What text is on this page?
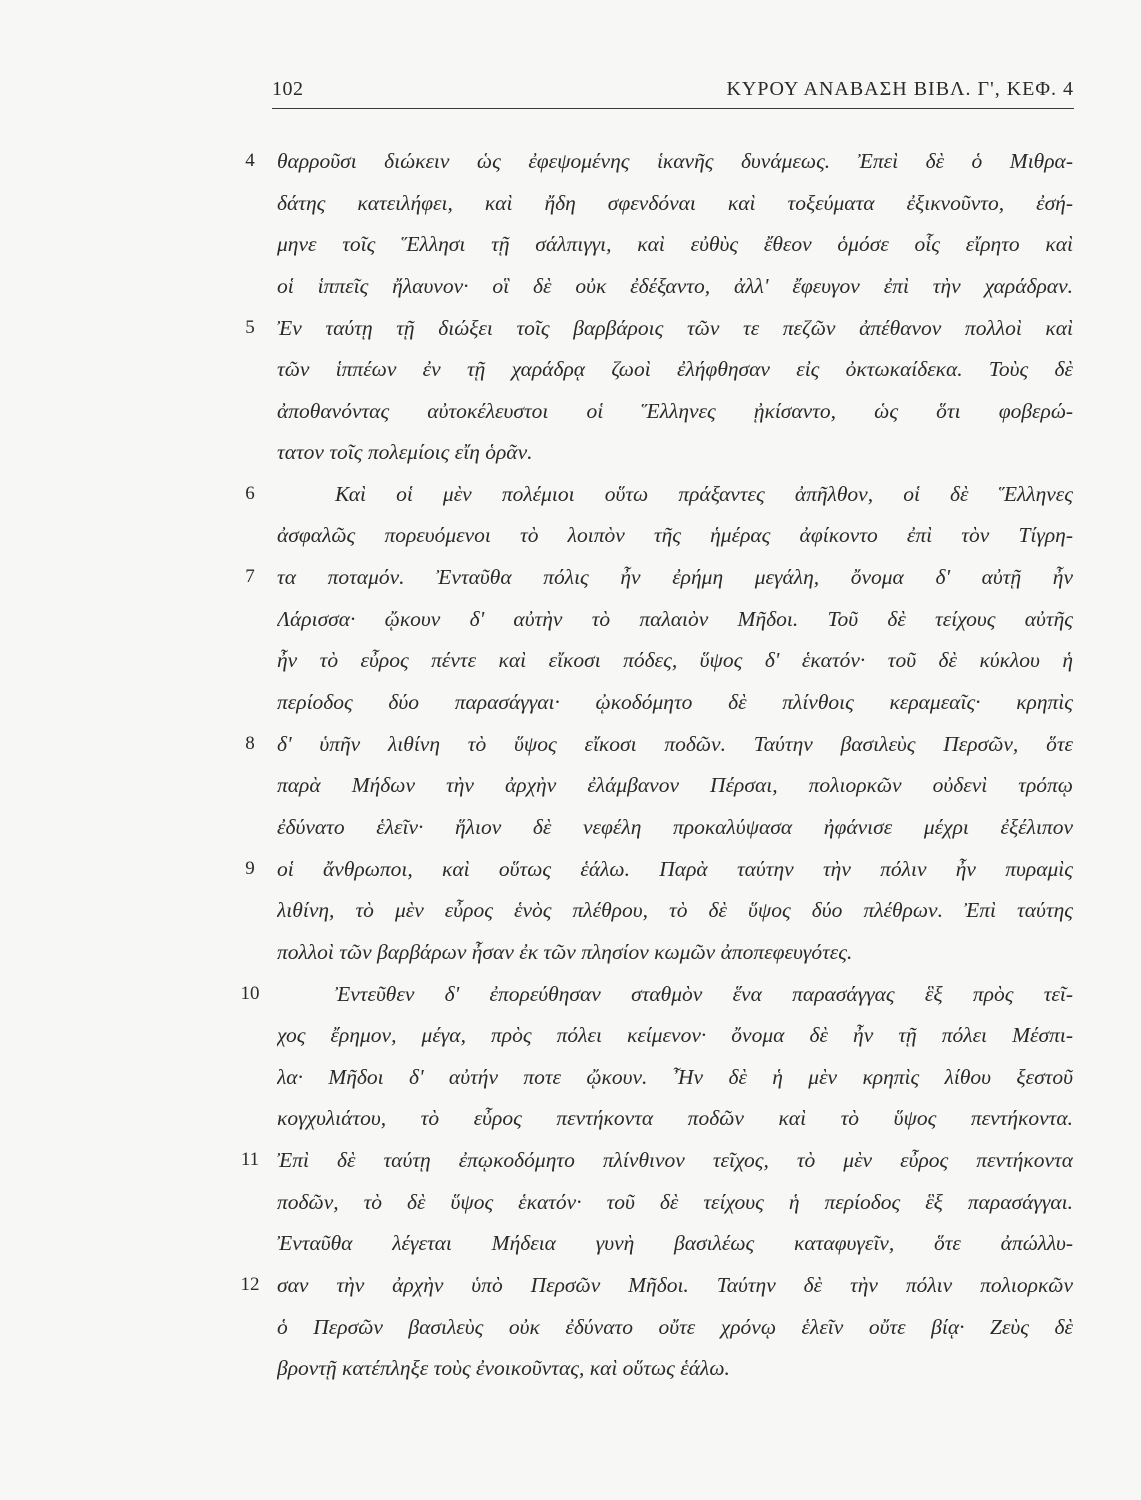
102	ΚΥΡΟΥ ΑΝΑΒΑΣΗ ΒΙΒΛ. Γ', ΚΕΦ. 4
4
5
6
7
8
9
10
11
12
θαρροῦσι διώκειν ὡς ἐφεψομένης ἱκανῆς δυνάμεως. Ἐπεὶ δὲ ὁ Μιθρα-
δάτης κατειλήφει, καὶ ἤδη σφενδόναι καὶ τοξεύματα ἐξικνοῦντο, ἐσή-
μηνε τοῖς Ἕλλησι τῇ σάλπιγγι, καὶ εὐθὺς ἔθεον ὁμόσε οἷς εἴρητο καὶ
οἱ ἱππεῖς ἤλαυνον· οἳ δὲ οὐκ ἐδέξαντο, ἀλλ' ἔφευγον ἐπὶ τὴν χαράδραν.
Ἐν ταύτῃ τῇ διώξει τοῖς βαρβάροις τῶν τε πεζῶν ἀπέθανον πολλοὶ καὶ
τῶν ἱππέων ἐν τῇ χαράδρᾳ ζωοὶ ἐλήφθησαν εἰς ὀκτωκαίδεκα. Τοὺς δὲ
ἀποθανόντας αὐτοκέλευστοι οἱ Ἕλληνες ᾐκίσαντο, ὡς ὅτι φοβερώ-
τατον τοῖς πολεμίοις εἴη ὁρᾶν.
Καὶ οἱ μὲν πολέμιοι οὕτω πράξαντες ἀπῆλθον, οἱ δὲ Ἕλληνες
ἀσφαλῶς πορευόμενοι τὸ λοιπὸν τῆς ἡμέρας ἀφίκοντο ἐπὶ τὸν Τίγρη-
τα ποταμόν. Ἐνταῦθα πόλις ἦν ἐρήμη μεγάλη, ὄνομα δ' αὐτῇ ἦν
Λάρισσα· ᾤκουν δ' αὐτὴν τὸ παλαιὸν Μῆδοι. Τοῦ δὲ τείχους αὐτῆς
ἦν τὸ εὖρος πέντε καὶ εἴκοσι πόδες, ὕψος δ' ἑκατόν· τοῦ δὲ κύκλου ἡ
περίοδος δύο παρασάγγαι· ᾠκοδόμητο δὲ πλίνθοις κεραμεαῖς· κρηπὶς
δ' ὑπῆν λιθίνη τὸ ὕψος εἴκοσι ποδῶν. Ταύτην βασιλεὺς Περσῶν, ὅτε
παρὰ Μήδων τὴν ἀρχὴν ἐλάμβανον Πέρσαι, πολιορκῶν οὐδενὶ τρόπῳ
ἐδύνατο ἑλεῖν· ἥλιον δὲ νεφέλη προκαλύψασα ἠφάνισε μέχρι ἐξέλιπον
οἱ ἄνθρωποι, καὶ οὕτως ἑάλω. Παρὰ ταύτην τὴν πόλιν ἦν πυραμὶς
λιθίνη, τὸ μὲν εὖρος ἑνὸς πλέθρου, τὸ δὲ ὕψος δύο πλέθρων. Ἐπὶ ταύτης
πολλοὶ τῶν βαρβάρων ἦσαν ἐκ τῶν πλησίον κωμῶν ἀποπεφευγότες.
Ἐντεῦθεν δ' ἐπορεύθησαν σταθμὸν ἕνα παρασάγγας ἓξ πρὸς τεῖ-
χος ἔρημον, μέγα, πρὸς πόλει κείμενον· ὄνομα δὲ ἦν τῇ πόλει Μέσπι-
λα· Μῆδοι δ' αὐτήν ποτε ᾤκουν. Ἦν δὲ ἡ μὲν κρηπὶς λίθου ξεστοῦ
κογχυλιάτου, τὸ εὖρος πεντήκοντα ποδῶν καὶ τὸ ὕψος πεντήκοντα.
Ἐπὶ δὲ ταύτῃ ἐπῳκοδόμητο πλίνθινον τεῖχος, τὸ μὲν εὖρος πεντήκοντα
ποδῶν, τὸ δὲ ὕψος ἑκατόν· τοῦ δὲ τείχους ἡ περίοδος ἓξ παρασάγγαι.
Ἐνταῦθα λέγεται Μήδεια γυνὴ βασιλέως καταφυγεῖν, ὅτε ἀπώλλυ-
σαν τὴν ἀρχὴν ὑπὸ Περσῶν Μῆδοι. Ταύτην δὲ τὴν πόλιν πολιορκῶν
ὁ Περσῶν βασιλεὺς οὐκ ἐδύνατο οὔτε χρόνῳ ἑλεῖν οὔτε βίᾳ· Ζεὺς δὲ
βροντῇ κατέπληξε τοὺς ἐνοικοῦντας, καὶ οὕτως ἑάλω.
